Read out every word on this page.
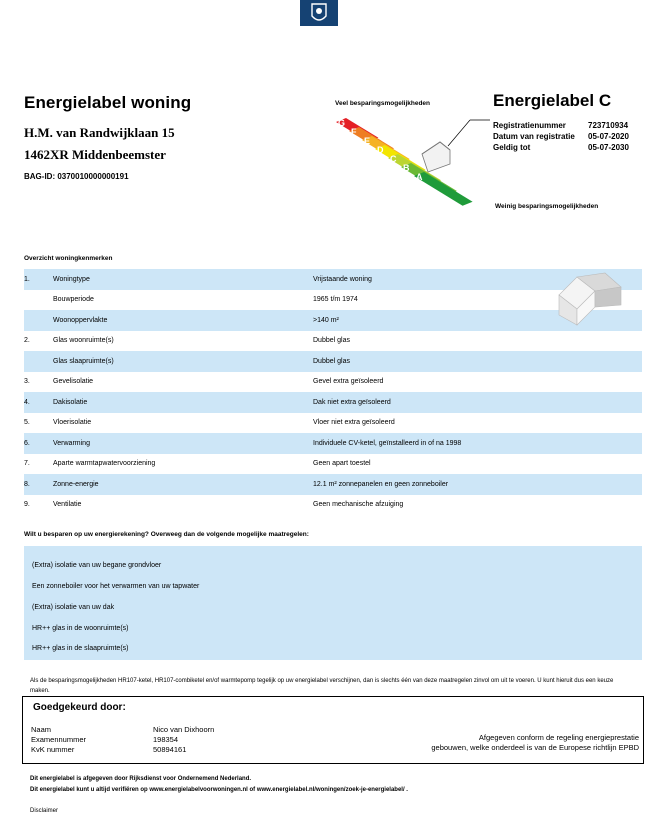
Energielabel woning
H.M. van Randwijklaan 15
1462XR Middenbeemster
BAG-ID: 0370010000000191
Veel besparingsmogelijkheden	Energielabel C
Registratienummer	723710934
Datum van registratie 05-07-2020
Geldig tot	05-07-2030
G
F
E
D
C
B
A
Weinig besparingsmogelijkheden
Overzicht woningkenmerken
1.	Woningtype	Vrijstaande woning
	Bouwperiode	1965 t/m 1974
	Woonoppervlakte	>140 m²
2.	Glas woonruimte(s)	Dubbel glas
	Glas slaapruimte(s)	Dubbel glas
3.	Gevelisolatie	Gevel extra geïsoleerd
4.	Dakisolatie	Dak niet extra geïsoleerd
5.	Vloerisolatie	Vloer niet extra geïsoleerd
6.	Verwarming	Individuele CV-ketel, geïnstalleerd in of na 1998
7.	Aparte warmtapwatervoorziening	Geen apart toestel
8.	Zonne-energie	12.1 m² zonnepanelen en geen zonneboiler
9.	Ventilatie	Geen mechanische afzuiging
Wilt u besparen op uw energierekening? Overweeg dan de volgende mogelijke maatregelen:
(Extra) isolatie van uw begane grondvloer
Een zonneboiler voor het verwarmen van uw tapwater
(Extra) isolatie van uw dak
HR++ glas in de woonruimte(s)
HR++ glas in de slaapruimte(s)
Als de besparingsmogelijkheden HR107-ketel, HR107-combiketel en/of warmtepomp tegelijk op uw energielabel verschijnen, dan is slechts één van deze maatregelen zinvol om uit te voeren. U kunt hieruit dus een keuze maken.
Goedgekeurd door:
Naam	Nico van Dixhoorn
Examennummer	198354
KvK nummer	50894161
Afgegeven conform de regeling energieprestatie
gebouwen, welke onderdeel is van de Europese richtlijn EPBD
Dit energielabel is afgegeven door Rijksdienst voor Ondernemend Nederland.
Dit energielabel kunt u altijd verifiëren op www.energielabelvoorwoningen.nl of www.energielabel.nl/woningen/zoek-je-energielabel/ .
Disclaimer
